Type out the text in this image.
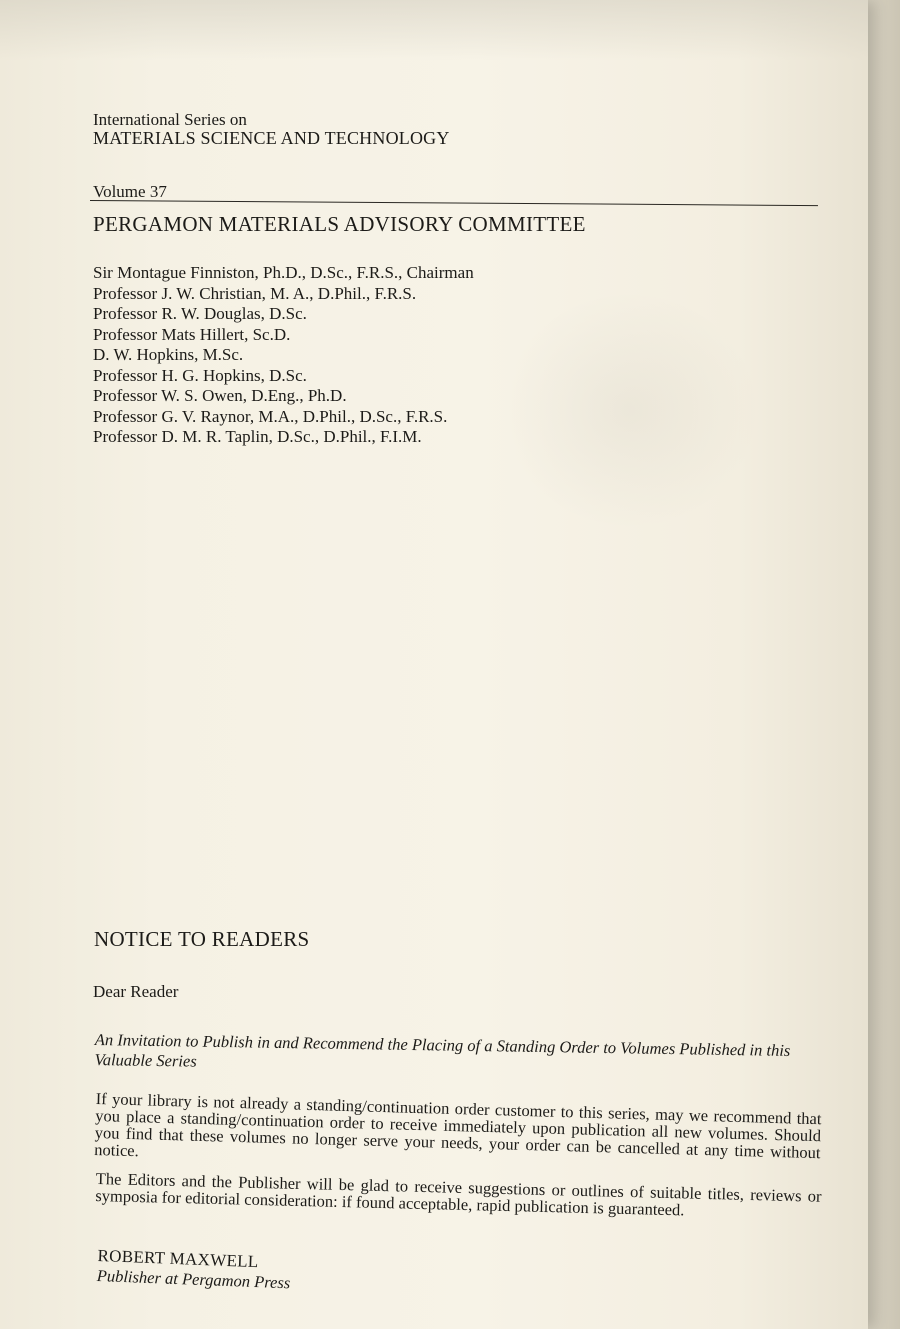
International Series on
MATERIALS SCIENCE AND TECHNOLOGY
Volume 37
PERGAMON MATERIALS ADVISORY COMMITTEE
Sir Montague Finniston, Ph.D., D.Sc., F.R.S., Chairman
Professor J. W. Christian, M. A., D.Phil., F.R.S.
Professor R. W. Douglas, D.Sc.
Professor Mats Hillert, Sc.D.
D. W. Hopkins, M.Sc.
Professor H. G. Hopkins, D.Sc.
Professor W. S. Owen, D.Eng., Ph.D.
Professor G. V. Raynor, M.A., D.Phil., D.Sc., F.R.S.
Professor D. M. R. Taplin, D.Sc., D.Phil., F.I.M.
NOTICE TO READERS
Dear Reader
An Invitation to Publish in and Recommend the Placing of a Standing Order to Volumes Published in this Valuable Series

If your library is not already a standing/continuation order customer to this series, may we recommend that you place a standing/continuation order to receive immediately upon publication all new volumes. Should you find that these volumes no longer serve your needs, your order can be cancelled at any time without notice.

The Editors and the Publisher will be glad to receive suggestions or outlines of suitable titles, reviews or symposia for editorial consideration: if found acceptable, rapid publication is guaranteed.

ROBERT MAXWELL
Publisher at Pergamon Press
